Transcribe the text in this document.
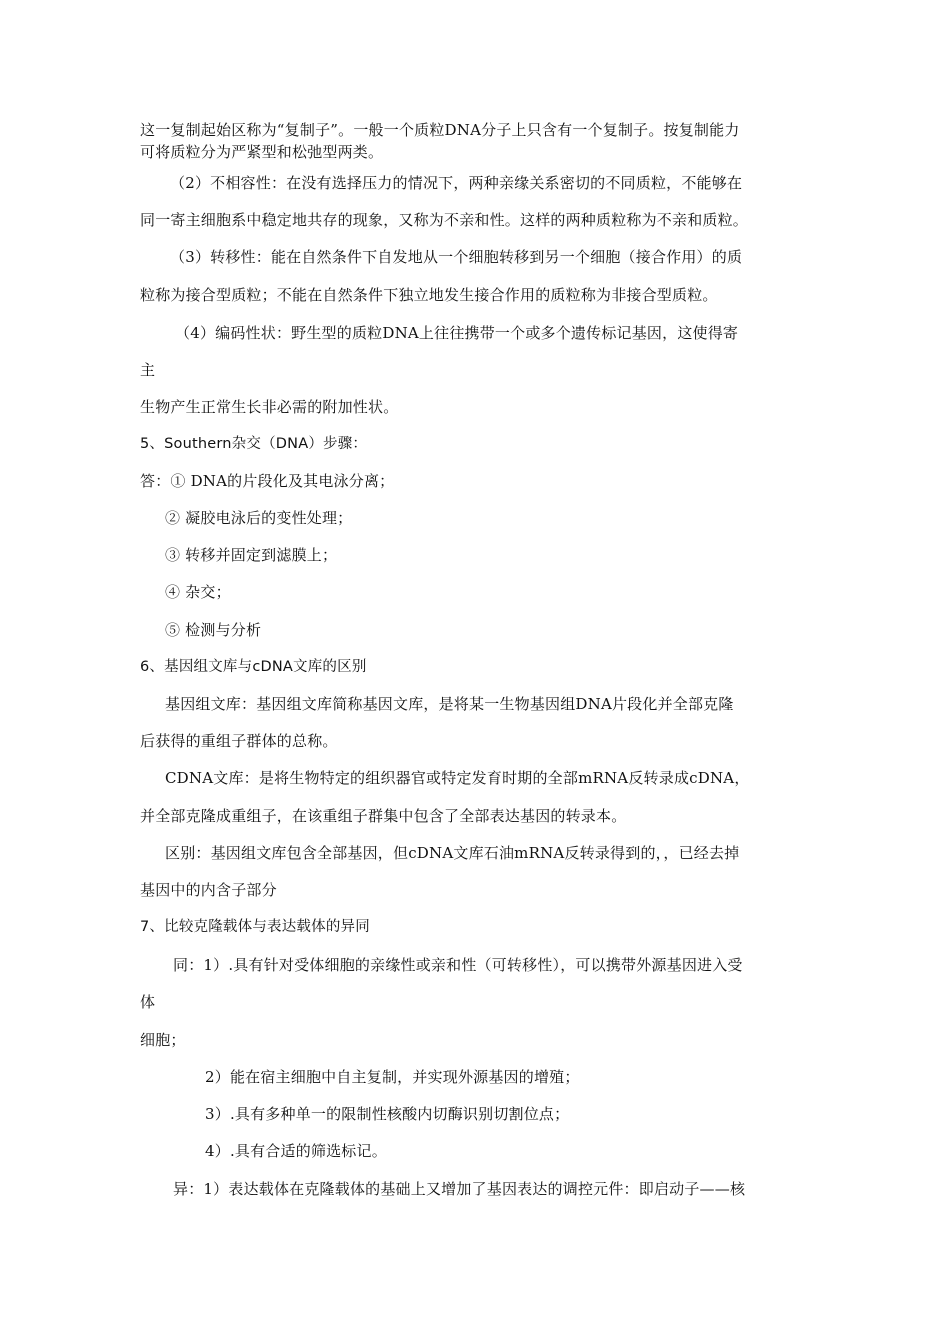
这一复制起始区称为“复制子”。一般一个质粒DNA分子上只含有一个复制子。按复制能力
可将质粒分为严紧型和松弛型两类。
（2）不相容性：在没有选择压力的情况下，两种亲缘关系密切的不同质粒，不能够在
同一寄主细胞系中稳定地共存的现象，又称为不亲和性。这样的两种质粒称为不亲和质粒。
（3）转移性：能在自然条件下自发地从一个细胞转移到另一个细胞（接合作用）的质
粒称为接合型质粒；不能在自然条件下独立地发生接合作用的质粒称为非接合型质粒。
（4）编码性状：野生型的质粒DNA上往往携带一个或多个遗传标记基因，这使得寄
主
生物产生正常生长非必需的附加性状。
5、Southern杂交（DNA）步骤：
答：① DNA的片段化及其电泳分离；
② 凝胶电泳后的变性处理；
③ 转移并固定到滤膜上；
④ 杂交；
⑤ 检测与分析
6、基因组文库与cDNA文库的区别
基因组文库：基因组文库简称基因文库，是将某一生物基因组DNA片段化并全部克隆
后获得的重组子群体的总称。
CDNA文库：是将生物特定的组织器官或特定发育时期的全部mRNA反转录成cDNA，
并全部克隆成重组子，在该重组子群集中包含了全部表达基因的转录本。
区别：基因组文库包含全部基因，但cDNA文库石油mRNA反转录得到的，，已经去掉
基因中的内含子部分
7、比较克隆载体与表达载体的异同
同：1）.具有针对受体细胞的亲缘性或亲和性（可转移性），可以携带外源基因进入受
体
细胞；
2）能在宿主细胞中自主复制，并实现外源基因的增殖；
3）.具有多种单一的限制性核酸内切酶识别切割位点；
4）.具有合适的筛选标记。
异：1）表达载体在克隆载体的基础上又增加了基因表达的调控元件：即启动子——核
